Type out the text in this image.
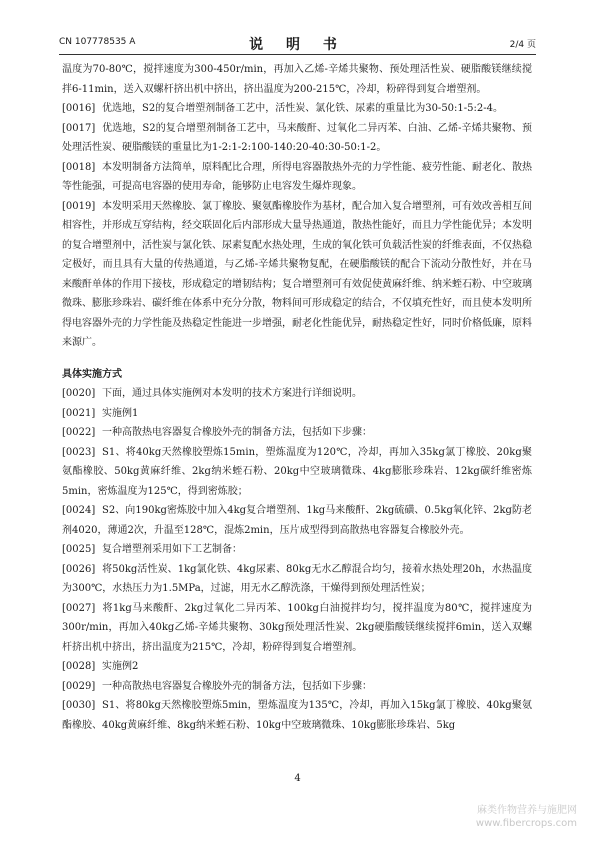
CN 107778535 A	说 明 书	2/4 页

温度为70-80℃，搅拌速度为300-450r/min，再加入乙烯-辛烯共聚物、预处理活性炭、硬脂酸镁继续搅拌6-11min，送入双螺杆挤出机中挤出，挤出温度为200-215℃，冷却，粉碎得到复合增塑剂。

[0016] 优选地，S2的复合增塑剂制备工艺中，活性炭、氯化铁、尿素的重量比为30-50:1-5:2-4。

[0017] 优选地，S2的复合增塑剂制备工艺中，马来酸酐、过氧化二异丙苯、白油、乙烯-辛烯共聚物、预处理活性炭、硬脂酸镁的重量比为1-2:1-2:100-140:20-40:30-50:1-2。

[0018] 本发明制备方法简单，原料配比合理，所得电容器散热外壳的力学性能、疲劳性能、耐老化、散热等性能强，可提高电容器的使用寿命，能够防止电容发生爆炸现象。

[0019] 本发明采用天然橡胶、氯丁橡胶、聚氨酯橡胶作为基材，配合加入复合增塑剂，可有效改善相互间相容性，并形成互穿结构，经交联固化后内部形成大量导热通道，散热性能好，而且力学性能优异；本发明的复合增塑剂中，活性炭与氯化铁、尿素复配水热处理，生成的氧化铁可负载活性炭的纤维表面，不仅热稳定极好，而且具有大量的传热通道，与乙烯-辛烯共聚物复配，在硬脂酸镁的配合下流动分散性好，并在马来酸酐单体的作用下接枝，形成稳定的增韧结构；复合增塑剂可有效促使黄麻纤维、纳米蛭石粉、中空玻璃微珠、膨胀珍珠岩、碳纤维在体系中充分分散，物料间可形成稳定的结合，不仅填充性好，而且使本发明所得电容器外壳的力学性能及热稳定性能进一步增强，耐老化性能优异，耐热稳定性好，同时价格低廉，原料来源广。

具体实施方式

[0020] 下面，通过具体实施例对本发明的技术方案进行详细说明。

[0021] 实施例1

[0022] 一种高散热电容器复合橡胶外壳的制备方法，包括如下步骤：

[0023] S1、将40kg天然橡胶塑炼15min，塑炼温度为120℃，冷却，再加入35kg氯丁橡胶、20kg聚氨酯橡胶、50kg黄麻纤维、2kg纳米蛭石粉、20kg中空玻璃微珠、4kg膨胀珍珠岩、12kg碳纤维密炼5min，密炼温度为125℃，得到密炼胶；

[0024] S2、向190kg密炼胶中加入4kg复合增塑剂、1kg马来酸酐、2kg硫磺、0.5kg氧化锌、2kg防老剂4020，薄通2次，升温至128℃，混炼2min，压片成型得到高散热电容器复合橡胶外壳。

[0025] 复合增塑剂采用如下工艺制备：

[0026] 将50kg活性炭、1kg氯化铁、4kg尿素、80kg无水乙醇混合均匀，接着水热处理20h，水热温度为300℃，水热压力为1.5MPa，过滤，用无水乙醇洗涤，干燥得到预处理活性炭；

[0027] 将1kg马来酸酐、2kg过氧化二异丙苯、100kg白油搅拌均匀，搅拌温度为80℃，搅拌速度为300r/min，再加入40kg乙烯-辛烯共聚物、30kg预处理活性炭、2kg硬脂酸镁继续搅拌6min，送入双螺杆挤出机中挤出，挤出温度为215℃，冷却，粉碎得到复合增塑剂。

[0028] 实施例2

[0029] 一种高散热电容器复合橡胶外壳的制备方法，包括如下步骤：

[0030] S1、将80kg天然橡胶塑炼5min，塑炼温度为135℃，冷却，再加入15kg氯丁橡胶、40kg聚氨酯橡胶、40kg黄麻纤维、8kg纳米蛭石粉、10kg中空玻璃微珠、10kg膨胀珍珠岩、5kg

4
麻类作物营养与施肥网
www.fibercrops.com
